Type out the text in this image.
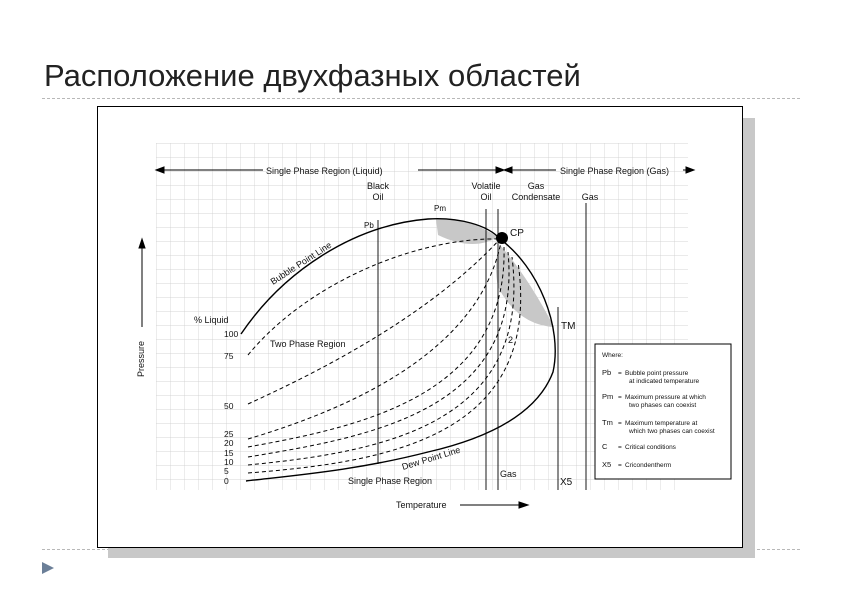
Расположение двухфазных областей
Single Phase Region (Liquid)	Single Phase Region (Gas)
Black
Oil
Volatile
Oil
Gas
Condensate Gas
Pb
Pm
CP
TM
2
Bubble Point Line
Dew Point Line
Two Phase Region
% Liquid
100
75
50
25
20
15
10
5
0	Single Phase Region
Gas
X5
Pressure
Temperature
Where:
Pb = Bubble point pressure
at indicated temperature
Pm = Maximum pressure at which
two phases can coexist
Tm = Maximum temperature at
which two phases can coexist
C = Critical conditions
X5 = Cricondentherm
